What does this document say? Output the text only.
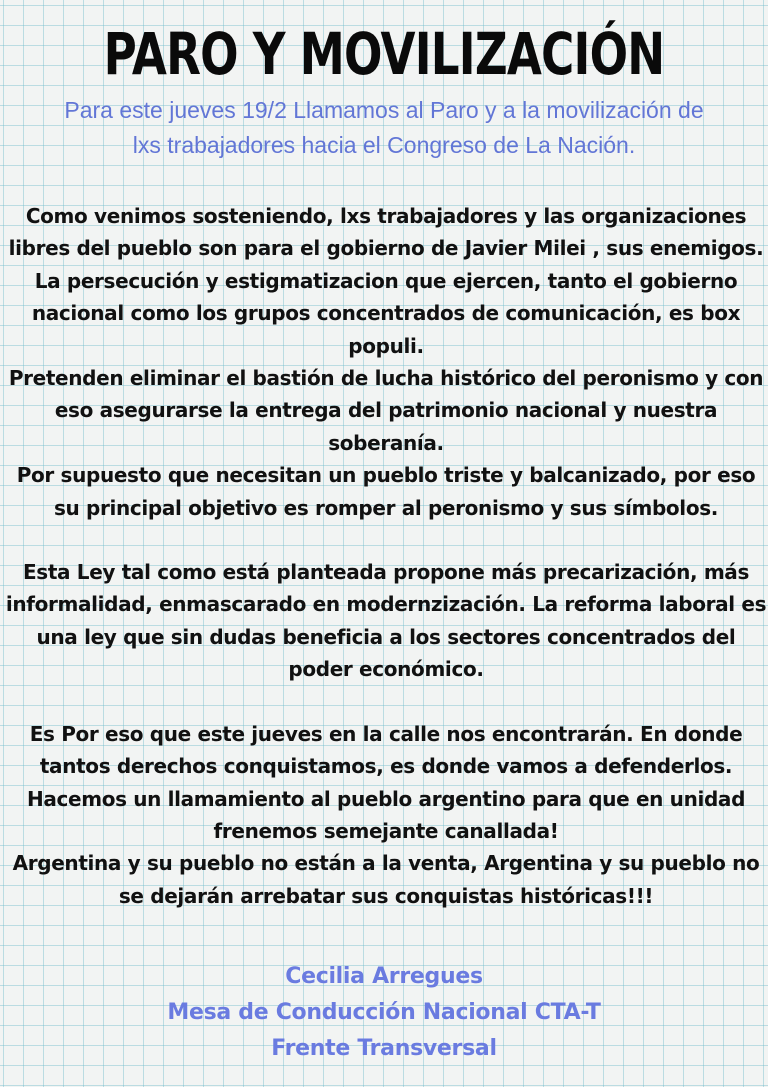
PARO Y MOVILIZACIÓN
Para este jueves 19/2 Llamamos al Paro y a la movilización de
lxs trabajadores hacia el Congreso de La Nación.

Como venimos sosteniendo, lxs trabajadores y las organizaciones libres del pueblo son para el gobierno de Javier Milei , sus enemigos.

La persecución y estigmatizacion que ejercen, tanto el gobierno nacional como los grupos concentrados de comunicación, es box populi.

Pretenden eliminar el bastión de lucha histórico del peronismo y con eso asegurarse la entrega del patrimonio nacional y nuestra soberanía.

Por supuesto que necesitan un pueblo triste y balcanizado, por eso su principal objetivo es romper al peronismo y sus símbolos.

Esta Ley tal como está planteada propone más precarización, más informalidad, enmascarado en modernzización. La reforma laboral es una ley que sin dudas beneficia a los sectores concentrados del poder económico.

Es Por eso que este jueves en la calle nos encontrarán. En donde tantos derechos conquistamos, es donde vamos a defenderlos.

Hacemos un llamamiento al pueblo argentino para que en unidad frenemos semejante canallada!

Argentina y su pueblo no están a la venta, Argentina y su pueblo no se dejarán arrebatar sus conquistas históricas!!!

Cecilia Arregues
Mesa de Conducción Nacional CTA-T
Frente Transversal
